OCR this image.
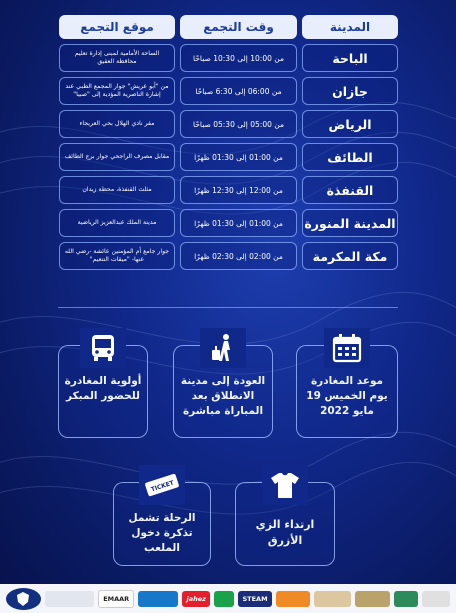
المدينة
وقت التجمع
موقع التجمع
الباحة
من 10:00 إلى 10:30 صباحًا
الساحة الأمامية لمبنى إدارة تعليم محافظة العقيق
جازان
من 06:00 إلى 6:30 صباحًا
من "أبو عريش" جوار المجمع الطبي عند إشارة الناصرية المؤدية إلى "صبيا"
الرياض
من 05:00 إلى 05:30 صباحًا
مقر نادي الهلال بحي العريجاء
الطائف
من 01:00 إلى 01:30 ظهرًا
مقابل مصرف الراجحي جوار برج الطائف
القنفذة
من 12:00 إلى 12:30 ظهرًا
مثلث القنفذة، محطة زيدان
المدينة المنورة
من 01:00 إلى 01:30 ظهرًا
مدينة الملك عبدالعزيز الرياضية
مكة المكرمة
من 02:00 إلى 02:30 ظهرًا
جوار جامع أم المؤمنين عائشة -رضي الله عنها- "ميقات التنعيم"
موعد المغادرة يوم الخميس 19 مايو 2022
العودة إلى مدينة الانطلاق بعد المباراة مباشرة
أولوية المغادرة للحضور المبكر
ارتداء الزي الأزرق
TICKET
الرحلة تشمل تذكرة دخول الملعب
EMAAR	jahez	STEAM
